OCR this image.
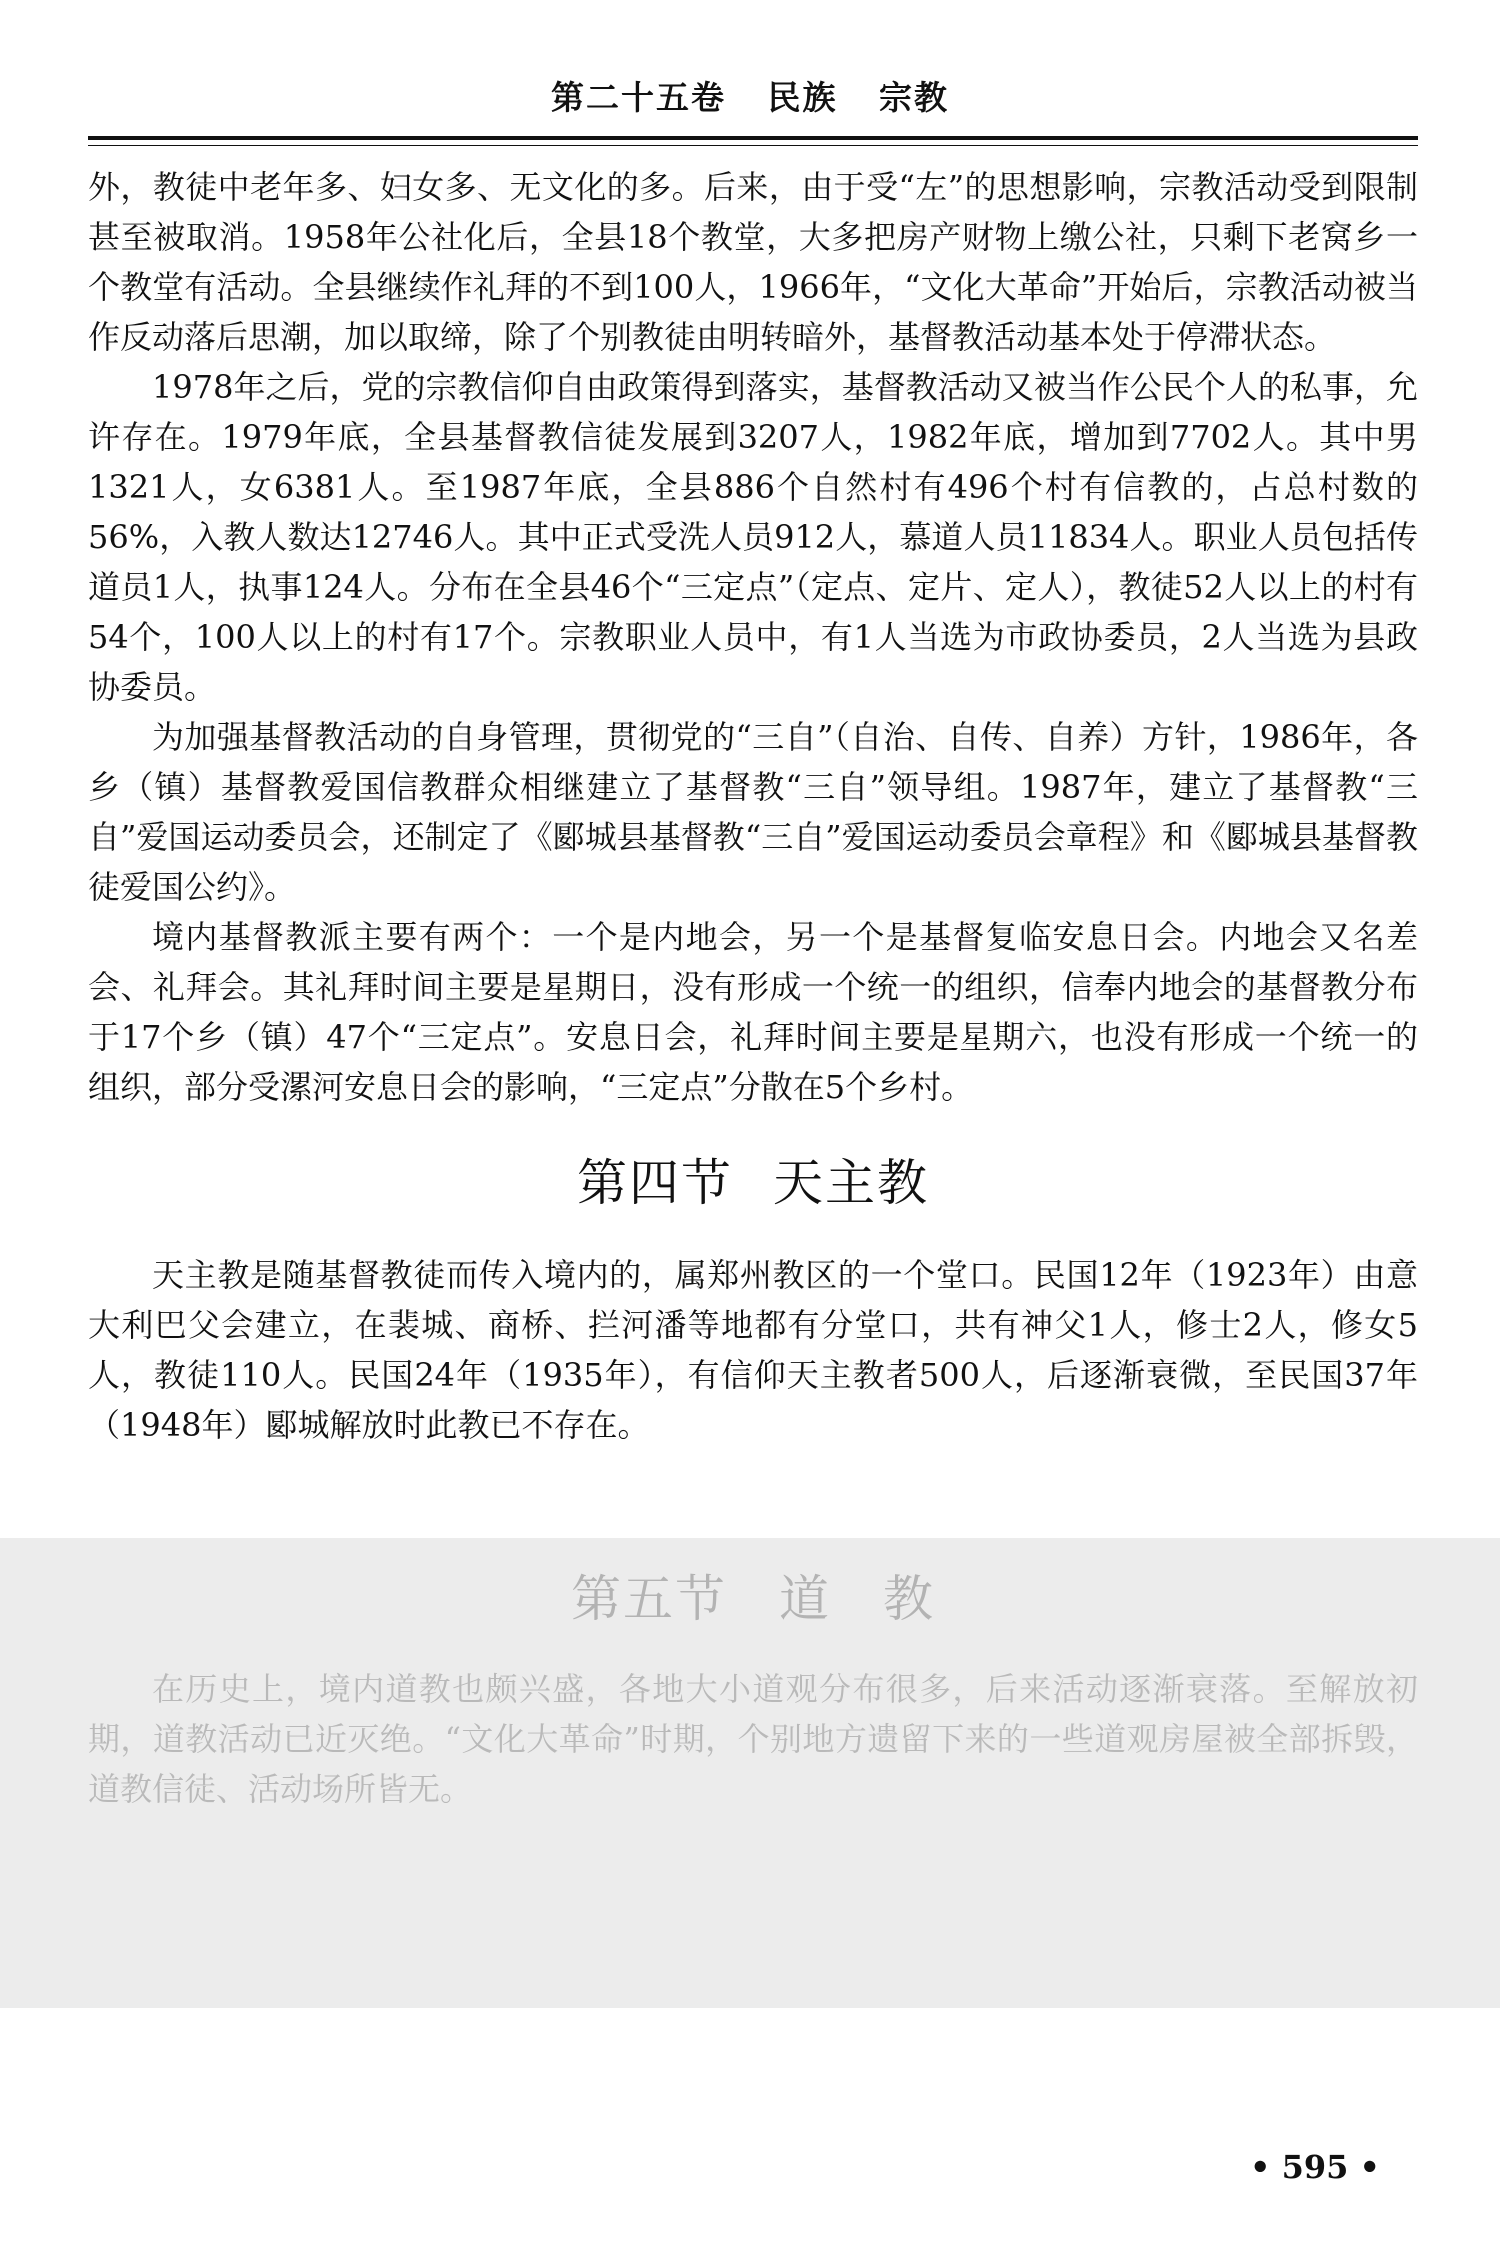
第二十五卷 民族 宗教

外，教徒中老年多、妇女多、无文化的多。后来，由于受“左”的思想影响，宗教活动受到限制甚至被取消。1958年公社化后，全县18个教堂，大多把房产财物上缴公社，只剩下老窝乡一个教堂有活动。全县继续作礼拜的不到100人，1966年，“文化大革命”开始后，宗教活动被当作反动落后思潮，加以取缔，除了个别教徒由明转暗外，基督教活动基本处于停滞状态。

1978年之后，党的宗教信仰自由政策得到落实，基督教活动又被当作公民个人的私事，允许存在。1979年底，全县基督教信徒发展到3207人，1982年底，增加到7702人。其中男1321人，女6381人。至1987年底，全县886个自然村有496个村有信教的，占总村数的56%，入教人数达12746人。其中正式受洗人员912人，慕道人员11834人。职业人员包括传道员1人，执事124人。分布在全县46个“三定点”（定点、定片、定人），教徒52人以上的村有54个，100人以上的村有17个。宗教职业人员中，有1人当选为市政协委员，2人当选为县政协委员。

为加强基督教活动的自身管理，贯彻党的“三自”（自治、自传、自养）方针，1986年，各乡（镇）基督教爱国信教群众相继建立了基督教“三自”领导组。1987年，建立了基督教“三自”爱国运动委员会，还制定了《郾城县基督教“三自”爱国运动委员会章程》和《郾城县基督教徒爱国公约》。

境内基督教派主要有两个：一个是内地会，另一个是基督复临安息日会。内地会又名差会、礼拜会。其礼拜时间主要是星期日，没有形成一个统一的组织，信奉内地会的基督教分布于17个乡（镇）47个“三定点”。安息日会，礼拜时间主要是星期六，也没有形成一个统一的组织，部分受漯河安息日会的影响，“三定点”分散在5个乡村。

第四节 天主教

天主教是随基督教徒而传入境内的，属郑州教区的一个堂口。民国12年（1923年）由意大利巴父会建立，在裴城、商桥、拦河潘等地都有分堂口，共有神父1人，修士2人，修女5人，教徒110人。民国24年（1935年），有信仰天主教者500人，后逐渐衰微，至民国37年（1948年）郾城解放时此教已不存在。

第五节 道　教

在历史上，境内道教也颇兴盛，各地大小道观分布很多，后来活动逐渐衰落。至解放初期，道教活动已近灭绝。“文化大革命”时期，个别地方遗留下来的一些道观房屋被全部拆毁，道教信徒、活动场所皆无。

• 595 •
